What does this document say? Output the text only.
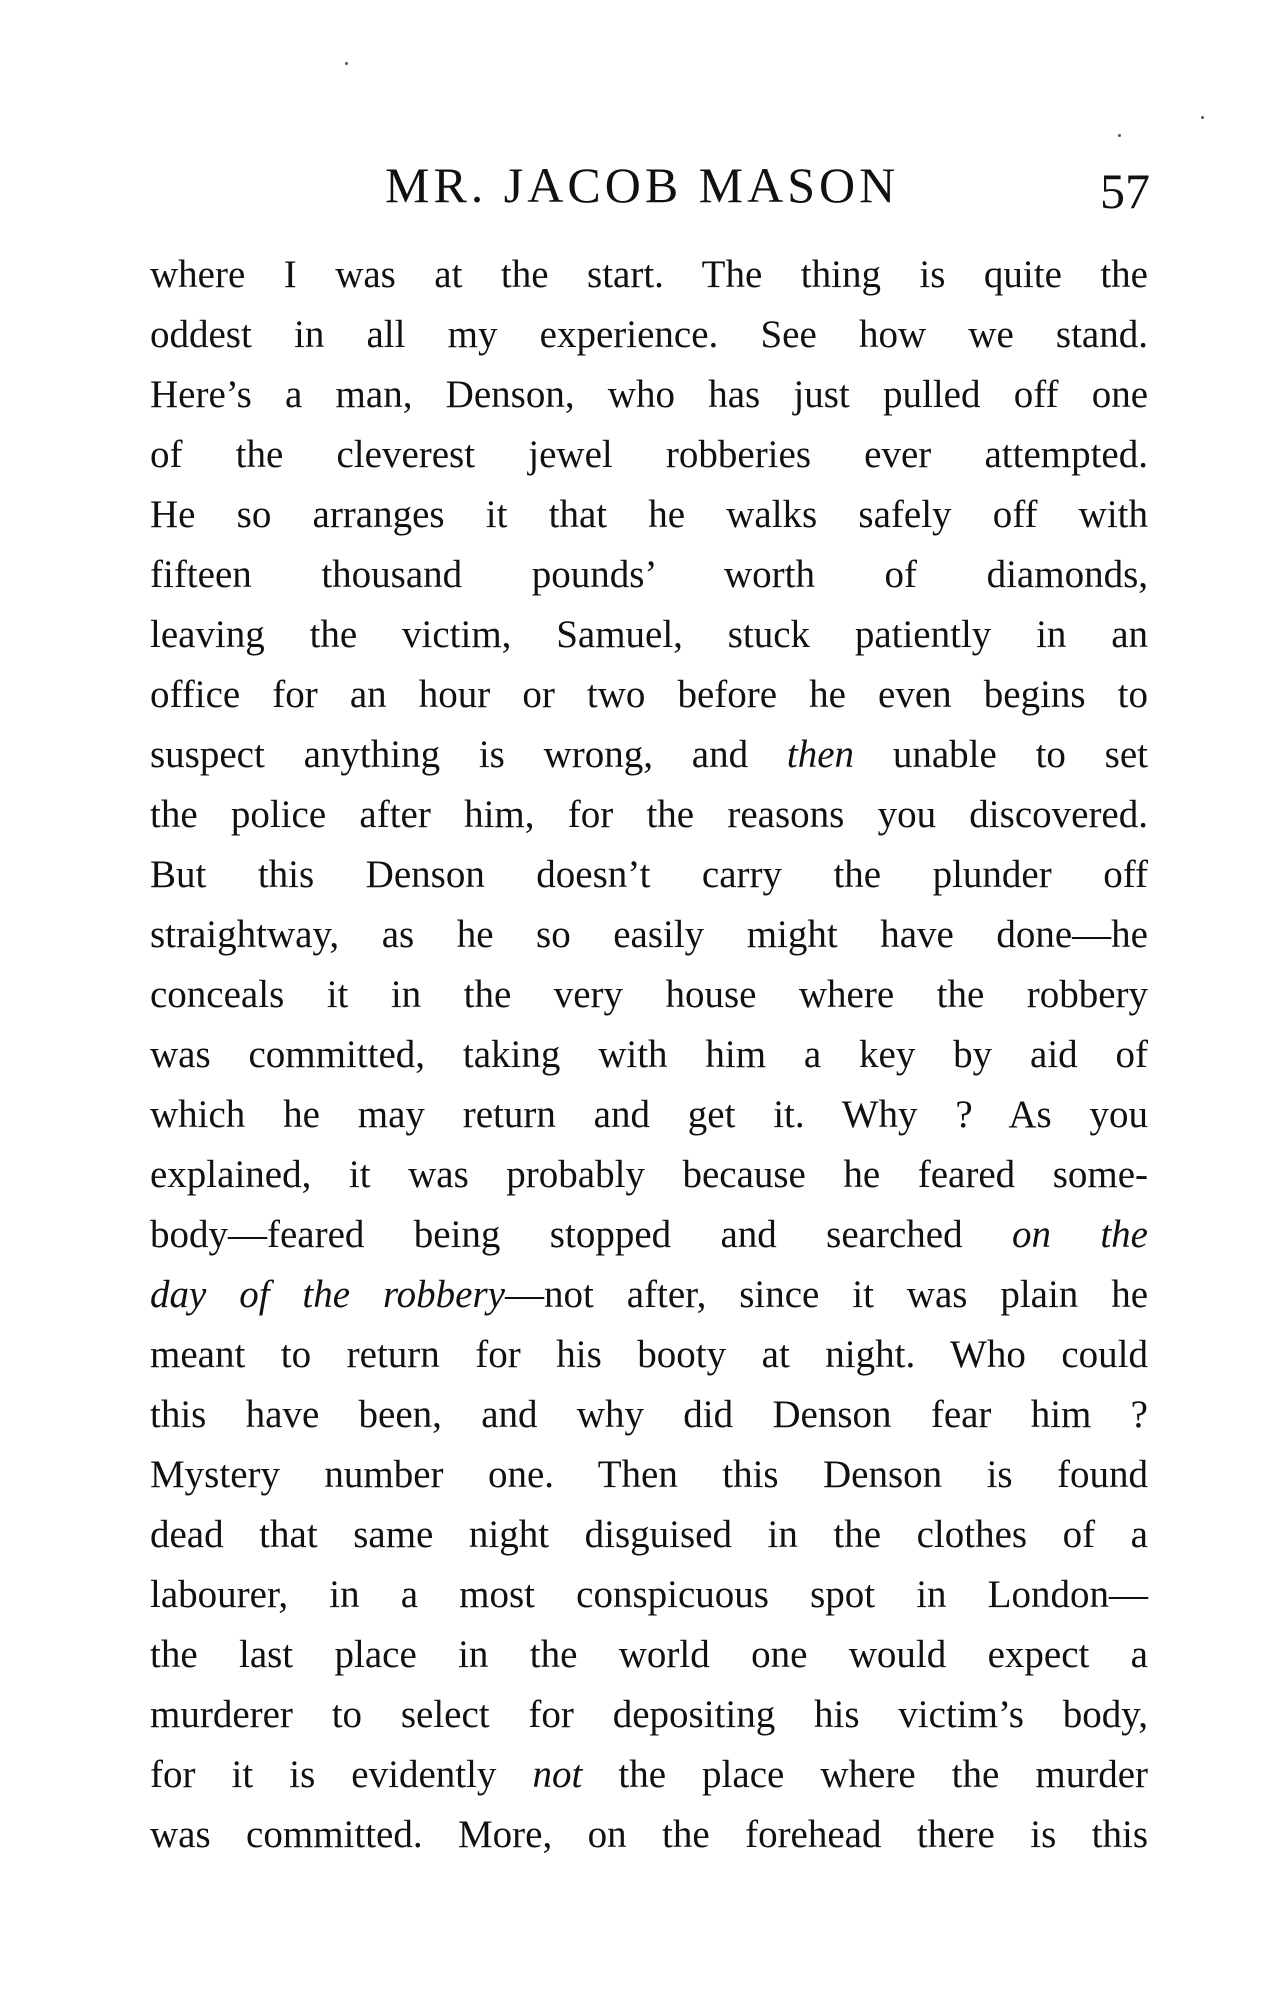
MR. JACOB MASON	57
where I was at the start. The thing is quite the
oddest in all my experience. See how we stand.
Here’s a man, Denson, who has just pulled off one
of the cleverest jewel robberies ever attempted.
He so arranges it that he walks safely off with
fifteen thousand pounds’ worth of diamonds,
leaving the victim, Samuel, stuck patiently in an
office for an hour or two before he even begins to
suspect anything is wrong, and then unable to set
the police after him, for the reasons you discovered.
But this Denson doesn’t carry the plunder off
straightway, as he so easily might have done—he
conceals it in the very house where the robbery
was committed, taking with him a key by aid of
which he may return and get it. Why ? As you
explained, it was probably because he feared some-
body—feared being stopped and searched on the
day of the robbery—not after, since it was plain he
meant to return for his booty at night. Who could
this have been, and why did Denson fear him ?
Mystery number one. Then this Denson is found
dead that same night disguised in the clothes of a
labourer, in a most conspicuous spot in London—
the last place in the world one would expect a
murderer to select for depositing his victim’s body,
for it is evidently not the place where the murder
was committed. More, on the forehead there is this
